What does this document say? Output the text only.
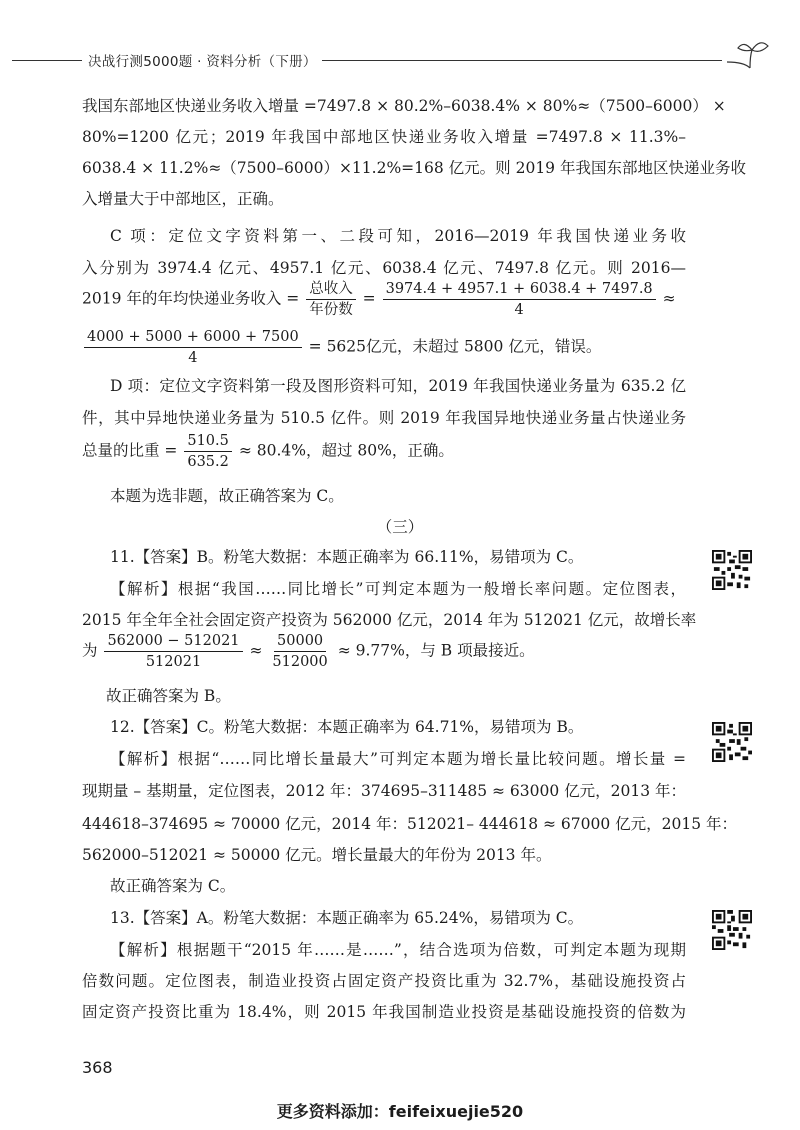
决战行测5000题 · 资料分析（下册）
我国东部地区快递业务收入增量 =7497.8 × 80.2%–6038.4% × 80%≈（7500–6000） ×
80%=1200 亿元；2019 年我国中部地区快递业务收入增量 =7497.8 × 11.3%–
6038.4 × 11.2%≈（7500–6000）×11.2%=168 亿元。则 2019 年我国东部地区快递业务收
入增量大于中部地区，正确。
C 项：定位文字资料第一、二段可知，2016—2019 年我国快递业务收
入分别为 3974.4 亿元、4957.1 亿元、6038.4 亿元、7497.8 亿元。则 2016—
2019 年的年均快递业务收入 = $\frac{\text{总收入}}{\text{年份数}} = \frac{3974.4 + 4957.1 + 6038.4 + 7497.8}{4}$ ≈
$\frac{4000 + 5000 + 6000 + 7500}{4} = 5625$亿元，未超过 5800 亿元，错误。
D 项：定位文字资料第一段及图形资料可知，2019 年我国快递业务量为 635.2 亿
件，其中异地快递业务量为 510.5 亿件。则 2019 年我国异地快递业务量占快递业务
总量的比重 = $\frac{510.5}{635.2} \approx 80.4\%$，超过 80%，正确。
本题为选非题，故正确答案为 C。
（三）
11.【答案】B。粉笔大数据：本题正确率为 66.11%，易错项为 C。
【解析】根据“我国……同比增长”可判定本题为一般增长率问题。定位图表，
2015 年全年全社会固定资产投资为 562000 亿元，2014 年为 512021 亿元，故增长率
为 $\frac{562000 - 512021}{512021} \approx \frac{50000}{512000} \approx 9.77\%$，与 B 项最接近。
故正确答案为 B。
12.【答案】C。粉笔大数据：本题正确率为 64.71%，易错项为 B。
【解析】根据“……同比增长量最大”可判定本题为增长量比较问题。增长量 =
现期量 – 基期量，定位图表，2012 年：374695–311485 ≈ 63000 亿元，2013 年：
444618–374695 ≈ 70000 亿元，2014 年：512021– 444618 ≈ 67000 亿元，2015 年：
562000–512021 ≈ 50000 亿元。增长量最大的年份为 2013 年。
故正确答案为 C。
13.【答案】A。粉笔大数据：本题正确率为 65.24%，易错项为 C。
【解析】根据题干“2015 年……是……”，结合选项为倍数，可判定本题为现期
倍数问题。定位图表，制造业投资占固定资产投资比重为 32.7%，基础设施投资占
固定资产投资比重为 18.4%，则 2015 年我国制造业投资是基础设施投资的倍数为
368
更多资料添加：feifeixuejie520
